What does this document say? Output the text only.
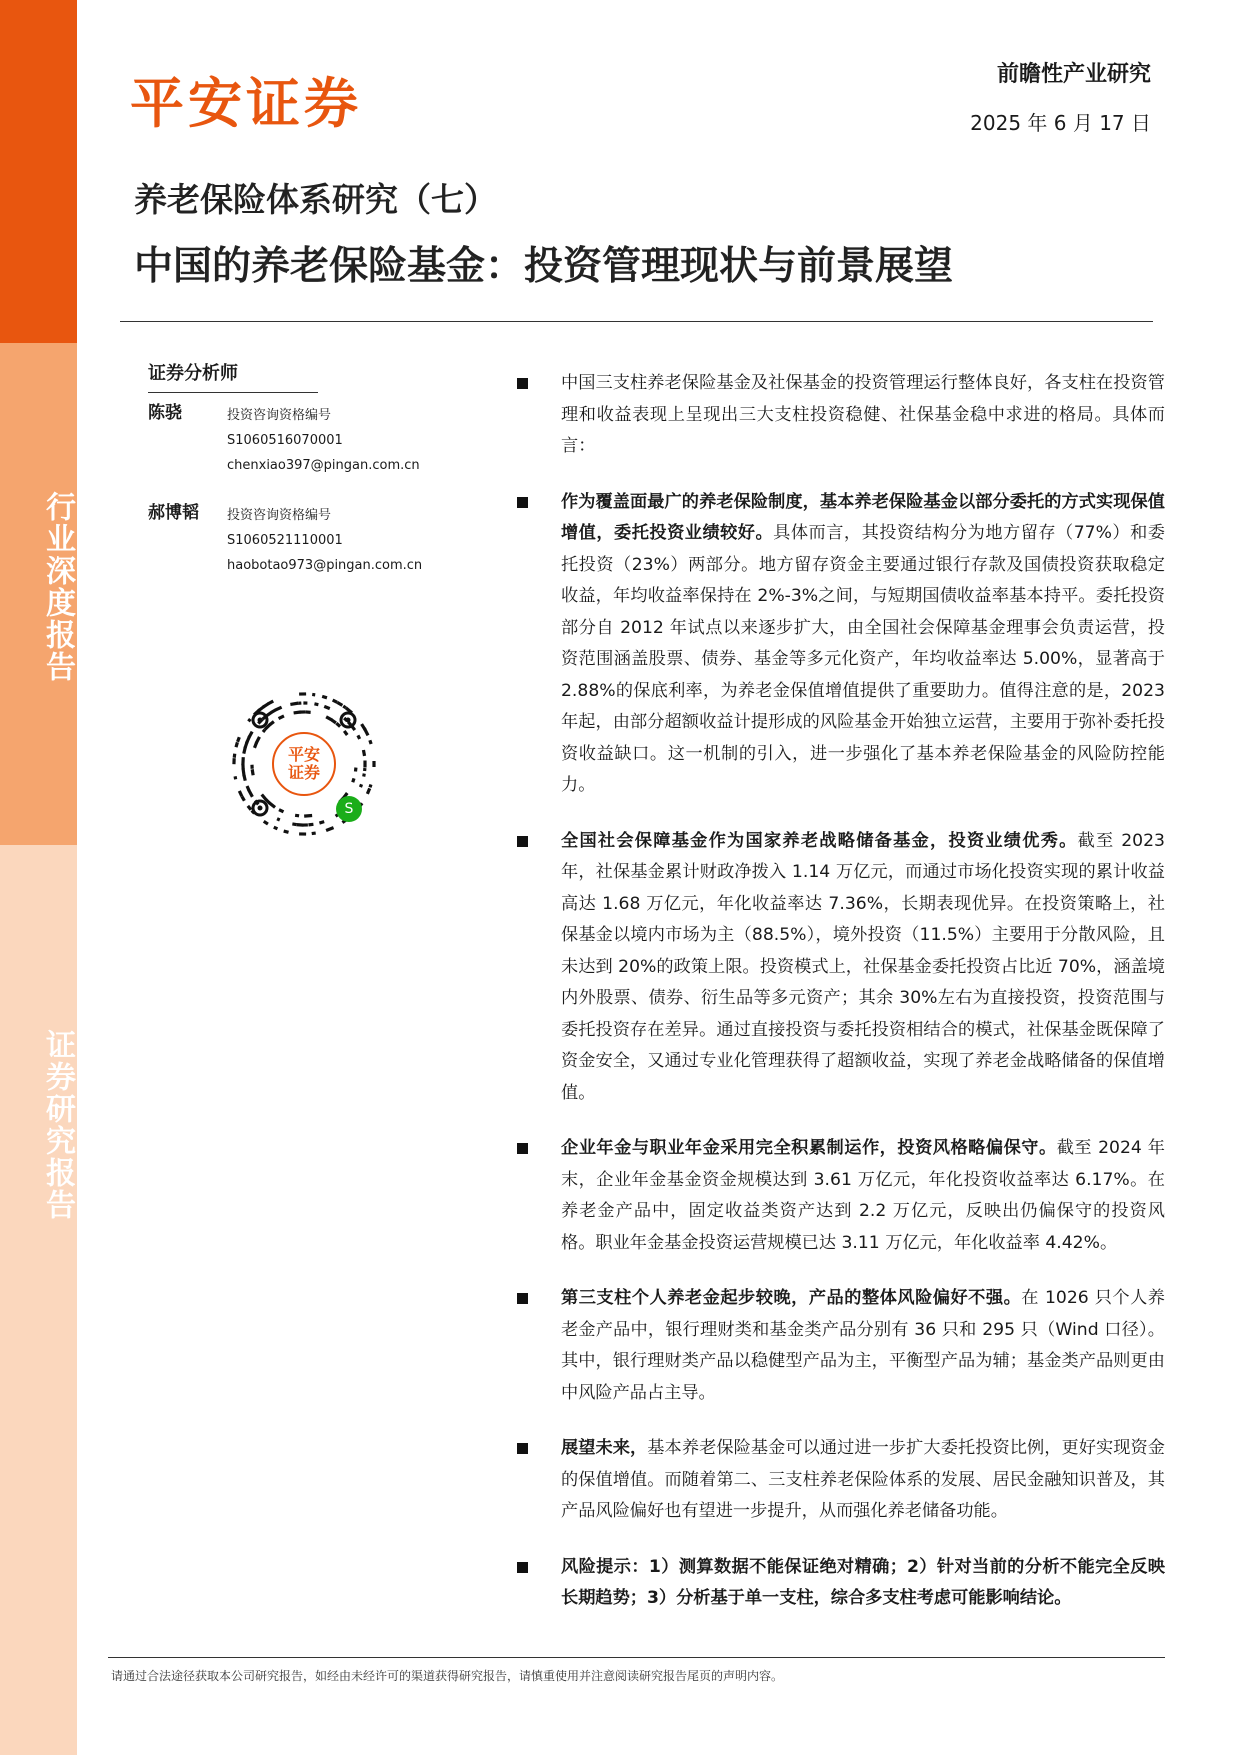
行业深度报告
证券研究报告
平安证券	前瞻性产业研究
2025 年 6 月 17 日
养老保险体系研究（七）
中国的养老保险基金：投资管理现状与前景展望
证券分析师
陈骁	投资咨询资格编号
S1060516070001
chenxiao397@pingan.com.cn
郝博韬 投资咨询资格编号
S1060521110001
haobotao973@pingan.com.cn
平安
证券
S
中国三支柱养老保险基金及社保基金的投资管理运行整体良好，各支柱在投资管理和收益表现上呈现出三大支柱投资稳健、社保基金稳中求进的格局。具体而言：
作为覆盖面最广的养老保险制度，基本养老保险基金以部分委托的方式实现保值增值，委托投资业绩较好。具体而言，其投资结构分为地方留存（77%）和委托投资（23%）两部分。地方留存资金主要通过银行存款及国债投资获取稳定收益，年均收益率保持在 2%-3%之间，与短期国债收益率基本持平。委托投资部分自 2012 年试点以来逐步扩大，由全国社会保障基金理事会负责运营，投资范围涵盖股票、债券、基金等多元化资产，年均收益率达 5.00%，显著高于 2.88%的保底利率，为养老金保值增值提供了重要助力。值得注意的是，2023 年起，由部分超额收益计提形成的风险基金开始独立运营，主要用于弥补委托投资收益缺口。这一机制的引入，进一步强化了基本养老保险基金的风险防控能力。
全国社会保障基金作为国家养老战略储备基金，投资业绩优秀。截至 2023 年，社保基金累计财政净拨入 1.14 万亿元，而通过市场化投资实现的累计收益高达 1.68 万亿元，年化收益率达 7.36%，长期表现优异。在投资策略上，社保基金以境内市场为主（88.5%），境外投资（11.5%）主要用于分散风险，且未达到 20%的政策上限。投资模式上，社保基金委托投资占比近 70%，涵盖境内外股票、债券、衍生品等多元资产；其余 30%左右为直接投资，投资范围与委托投资存在差异。通过直接投资与委托投资相结合的模式，社保基金既保障了资金安全，又通过专业化管理获得了超额收益，实现了养老金战略储备的保值增值。
企业年金与职业年金采用完全积累制运作，投资风格略偏保守。截至 2024 年末，企业年金基金资金规模达到 3.61 万亿元，年化投资收益率达 6.17%。在养老金产品中，固定收益类资产达到 2.2 万亿元，反映出仍偏保守的投资风格。职业年金基金投资运营规模已达 3.11 万亿元，年化收益率 4.42%。
第三支柱个人养老金起步较晚，产品的整体风险偏好不强。在 1026 只个人养老金产品中，银行理财类和基金类产品分别有 36 只和 295 只（Wind 口径）。其中，银行理财类产品以稳健型产品为主，平衡型产品为辅；基金类产品则更由中风险产品占主导。
展望未来，基本养老保险基金可以通过进一步扩大委托投资比例，更好实现资金的保值增值。而随着第二、三支柱养老保险体系的发展、居民金融知识普及，其产品风险偏好也有望进一步提升，从而强化养老储备功能。
风险提示：1）测算数据不能保证绝对精确；2）针对当前的分析不能完全反映长期趋势；3）分析基于单一支柱，综合多支柱考虑可能影响结论。
请通过合法途径获取本公司研究报告，如经由未经许可的渠道获得研究报告，请慎重使用并注意阅读研究报告尾页的声明内容。
